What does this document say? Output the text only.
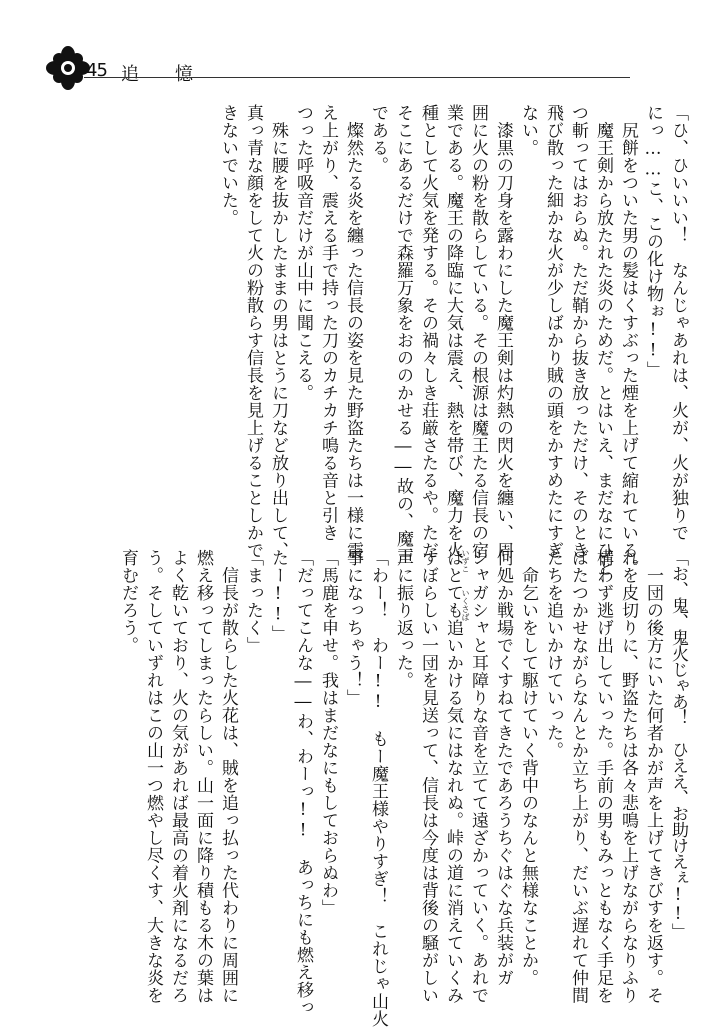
45 追憶
「ひ、ひいいい！　なんじゃあれは、火が、火が独りで
にっ……こ、この化け物ぉ!!」
　尻餅をついた男の髪はくすぶった煙を上げて縮れている。
　魔王剣から放たれた炎のためだ。とはいえ、まだなにひと
つ斬ってはおらぬ。ただ鞘から抜き放っただけ、そのとき
飛び散った細かな火が少しばかり賊の頭をかすめたにすぎ
ない。
　漆黒の刀身を露わにした魔王剣は灼熱の閃火を纏い、周
囲に火の粉を散らしている。その根源は魔王たる信長の宿
業である。魔王の降臨に大気は震え、熱を帯び、魔力を火
種として火気を発する。その禍々しき荘厳さたるや。ただ
そこにあるだけで森羅万象をおののかせる――故の、魔王
である。
　燦然たる炎を纏った信長の姿を見た野盗たちは一様に震
え上がり、震える手で持った刀のカチカチ鳴る音と引き
つった呼吸音だけが山中に聞こえる。
　殊に腰を抜かしたままの男はとうに刀など放り出して、
真っ青な顔をして火の粉散らす信長を見上げることしかで
きないでいた。
「お、鬼、鬼火じゃあ！　ひええ、お助けえぇ!!」
　一団の後方にいた何者かが声を上げてきびすを返す。そ
れを皮切りに、野盗たちは各々悲鳴を上げながらなりふり
構わず逃げ出していった。手前の男もみっともなく手足を
ばたつかせながらなんとか立ち上がり、だいぶ遅れて仲間
たちを追いかけていった。
　命乞いをして駆けていく背中のなんと無様なことか。
何処か戦場でくすねてきたであろうちぐはぐな兵装がガ
シャガシャと耳障りな音を立てて遠ざかっていく。あれで
はとても追いかける気にはなれぬ。峠の道に消えていくみ
すぼらしい一団を見送って、信長は今度は背後の騒がしい
声に振り返った。
「わー！　わー!!　もー魔王様やりすぎ！　これじゃ山火
事になっちゃう！」
「馬鹿を申せ。我はまだなにもしておらぬわ」
「だってこんな――わ、わーっ!!　あっちにも燃え移っ
たー!!」
「まったく」
　信長が散らした火花は、賊を追っ払った代わりに周囲に
燃え移ってしまったらしい。山一面に降り積もる木の葉は
よく乾いており、火の気があれば最高の着火剤になるだろ
う。そしていずれはこの山一つ燃やし尽くす、大きな炎を
育むだろう。	いずこ　　いくさば
